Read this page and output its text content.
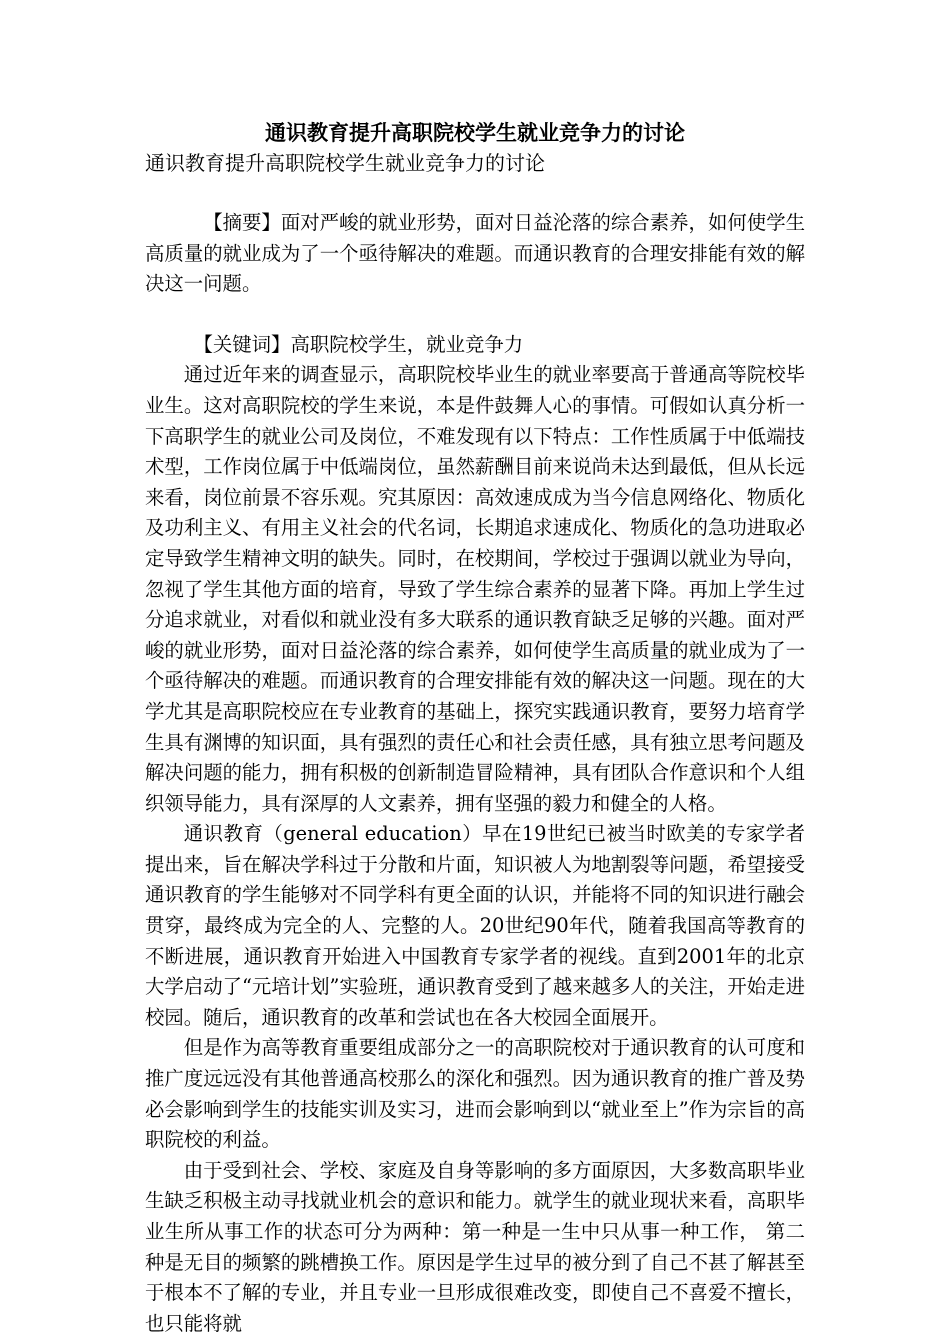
通识教育提升高职院校学生就业竞争力的讨论

通识教育提升高职院校学生就业竞争力的讨论

【摘要】面对严峻的就业形势，面对日益沦落的综合素养，如何使学生高质量的就业成为了一个亟待解决的难题。而通识教育的合理安排能有效的解决这一问题。

【关键词】高职院校学生，就业竞争力

通过近年来的调查显示，高职院校毕业生的就业率要高于普通高等院校毕业生。这对高职院校的学生来说，本是件鼓舞人心的事情。可假如认真分析一下高职学生的就业公司及岗位，不难发现有以下特点：工作性质属于中低端技术型，工作岗位属于中低端岗位，虽然薪酬目前来说尚未达到最低，但从长远来看，岗位前景不容乐观。究其原因：高效速成成为当今信息网络化、物质化及功利主义、有用主义社会的代名词，长期追求速成化、物质化的急功进取必定导致学生精神文明的缺失。同时，在校期间，学校过于强调以就业为导向，忽视了学生其他方面的培育，导致了学生综合素养的显著下降。再加上学生过分追求就业，对看似和就业没有多大联系的通识教育缺乏足够的兴趣。面对严峻的就业形势，面对日益沦落的综合素养，如何使学生高质量的就业成为了一个亟待解决的难题。而通识教育的合理安排能有效的解决这一问题。现在的大学尤其是高职院校应在专业教育的基础上，探究实践通识教育，要努力培育学生具有渊博的知识面，具有强烈的责任心和社会责任感，具有独立思考问题及解决问题的能力，拥有积极的创新制造冒险精神，具有团队合作意识和个人组织领导能力，具有深厚的人文素养，拥有坚强的毅力和健全的人格。

通识教育（general education）早在19世纪已被当时欧美的专家学者提出来，旨在解决学科过于分散和片面，知识被人为地割裂等问题，希望接受通识教育的学生能够对不同学科有更全面的认识，并能将不同的知识进行融会贯穿，最终成为完全的人、完整的人。20世纪90年代，随着我国高等教育的不断进展，通识教育开始进入中国教育专家学者的视线。直到2001年的北京大学启动了“元培计划”实验班，通识教育受到了越来越多人的关注，开始走进校园。随后，通识教育的改革和尝试也在各大校园全面展开。

但是作为高等教育重要组成部分之一的高职院校对于通识教育的认可度和推广度远远没有其他普通高校那么的深化和强烈。因为通识教育的推广普及势必会影响到学生的技能实训及实习，进而会影响到以“就业至上”作为宗旨的高职院校的利益。

由于受到社会、学校、家庭及自身等影响的多方面原因，大多数高职毕业生缺乏积极主动寻找就业机会的意识和能力。就学生的就业现状来看，高职毕业生所从事工作的状态可分为两种：第一种是一生中只从事一种工作， 第二种是无目的频繁的跳槽换工作。原因是学生过早的被分到了自己不甚了解甚至于根本不了解的专业，并且专业一旦形成很难改变，即使自己不喜爱不擅长，也只能将就
